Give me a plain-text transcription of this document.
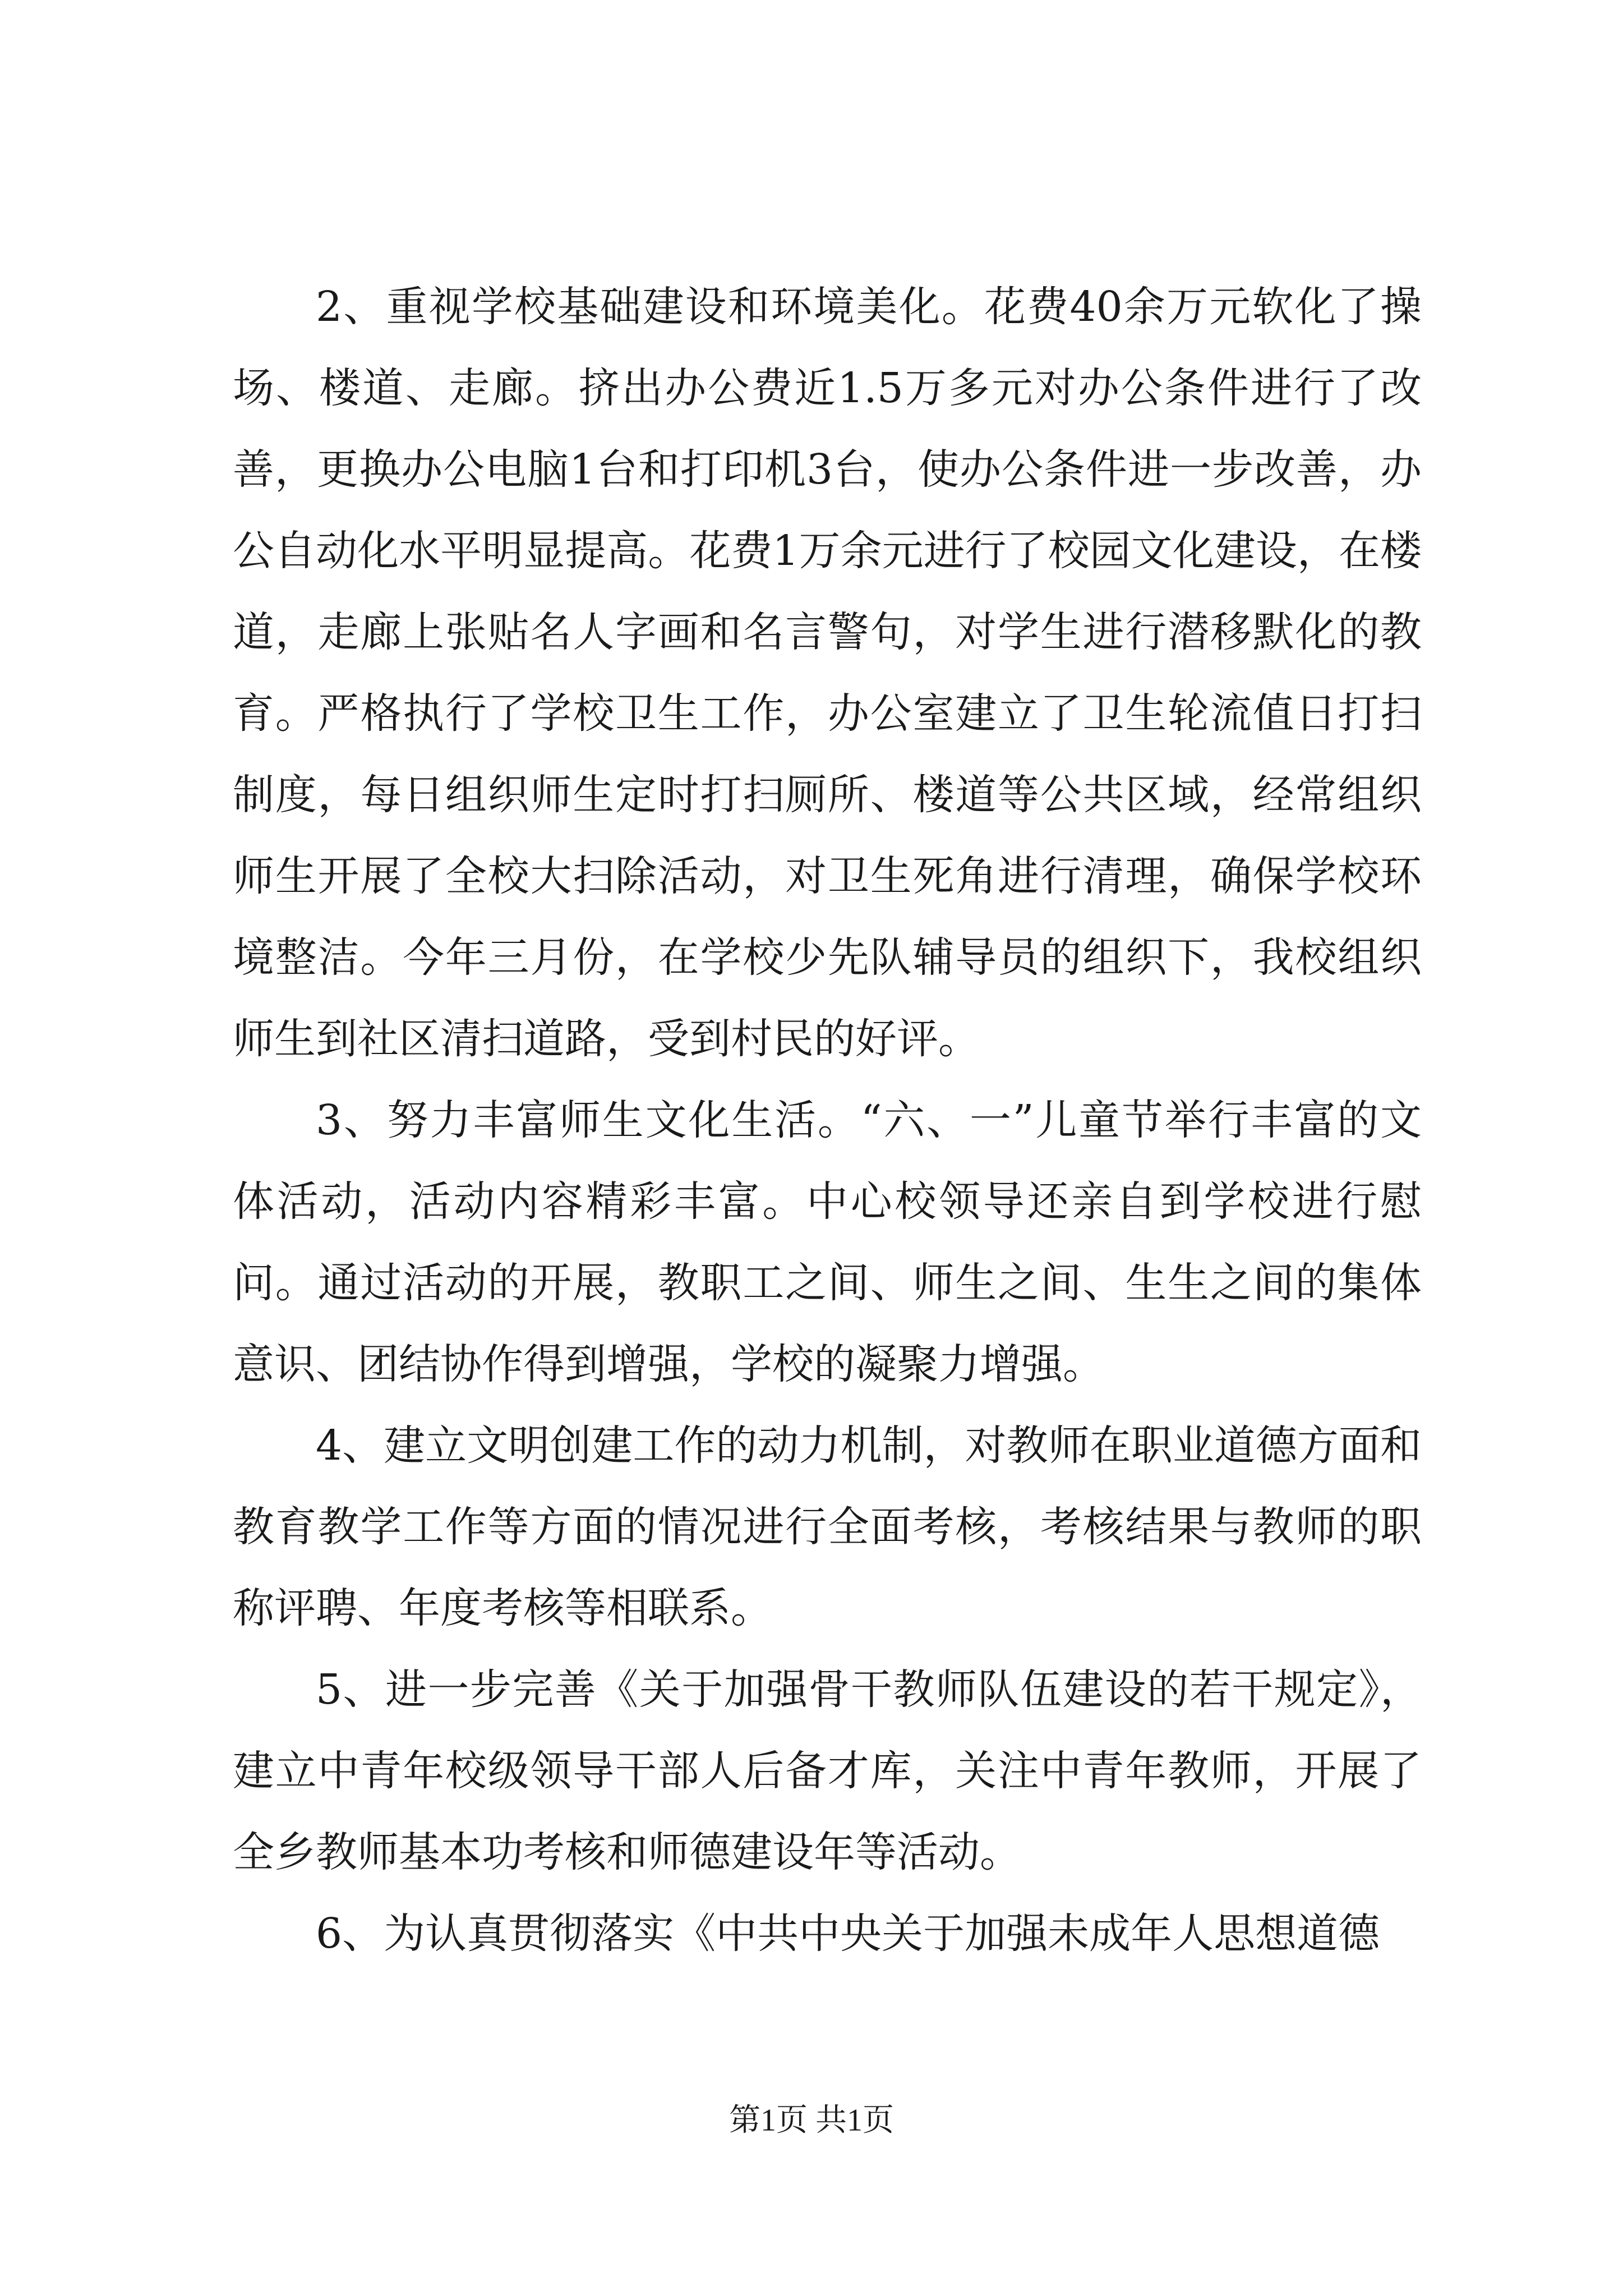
2、重视学校基础建设和环境美化。花费40余万元软化了操场、楼道、走廊。挤出办公费近1.5万多元对办公条件进行了改善，更换办公电脑1台和打印机3台，使办公条件进一步改善，办公自动化水平明显提高。花费1万余元进行了校园文化建设，在楼道，走廊上张贴名人字画和名言警句，对学生进行潜移默化的教育。严格执行了学校卫生工作，办公室建立了卫生轮流值日打扫制度，每日组织师生定时打扫厕所、楼道等公共区域，经常组织师生开展了全校大扫除活动，对卫生死角进行清理，确保学校环境整洁。今年三月份，在学校少先队辅导员的组织下，我校组织师生到社区清扫道路，受到村民的好评。

3、努力丰富师生文化生活。“六、一”儿童节举行丰富的文体活动，活动内容精彩丰富。中心校领导还亲自到学校进行慰问。通过活动的开展，教职工之间、师生之间、生生之间的集体意识、团结协作得到增强，学校的凝聚力增强。

4、建立文明创建工作的动力机制，对教师在职业道德方面和教育教学工作等方面的情况进行全面考核，考核结果与教师的职称评聘、年度考核等相联系。

5、进一步完善《关于加强骨干教师队伍建设的若干规定》，建立中青年校级领导干部人后备才库，关注中青年教师，开展了全乡教师基本功考核和师德建设年等活动。

6、为认真贯彻落实《中共中央关于加强未成年人思想道德

第1页 共1页
